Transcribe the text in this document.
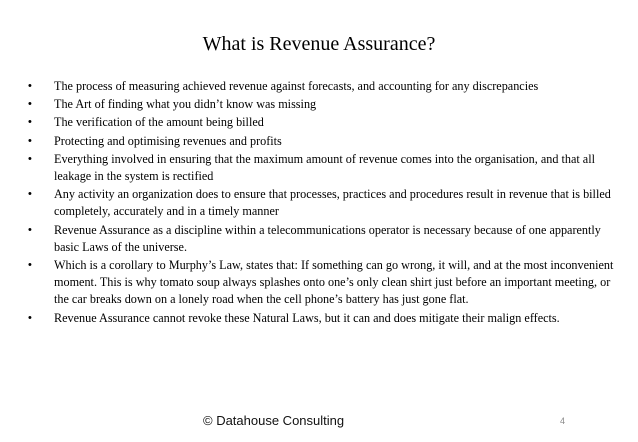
What is Revenue Assurance?
• The process of measuring achieved revenue against forecasts, and accounting for any discrepancies
• The Art of finding what you didn’t know was missing
• The verification of the amount being billed
• Protecting and optimising revenues and profits
• Everything involved in ensuring that the maximum amount of revenue comes into the organisation, and that all leakage in the system is rectified
• Any activity an organization does to ensure that processes, practices and procedures result in revenue that is billed completely, accurately and in a timely manner
• Revenue Assurance as a discipline within a telecommunications operator is necessary because of one apparently basic Laws of the universe.
• Which is a corollary to Murphy’s Law, states that: If something can go wrong, it will, and at the most inconvenient moment. This is why tomato soup always splashes onto one’s only clean shirt just before an important meeting, or the car breaks down on a lonely road when the cell phone’s battery has just gone flat.
• Revenue Assurance cannot revoke these Natural Laws, but it can and does mitigate their malign effects.
© Datahouse Consulting	4
